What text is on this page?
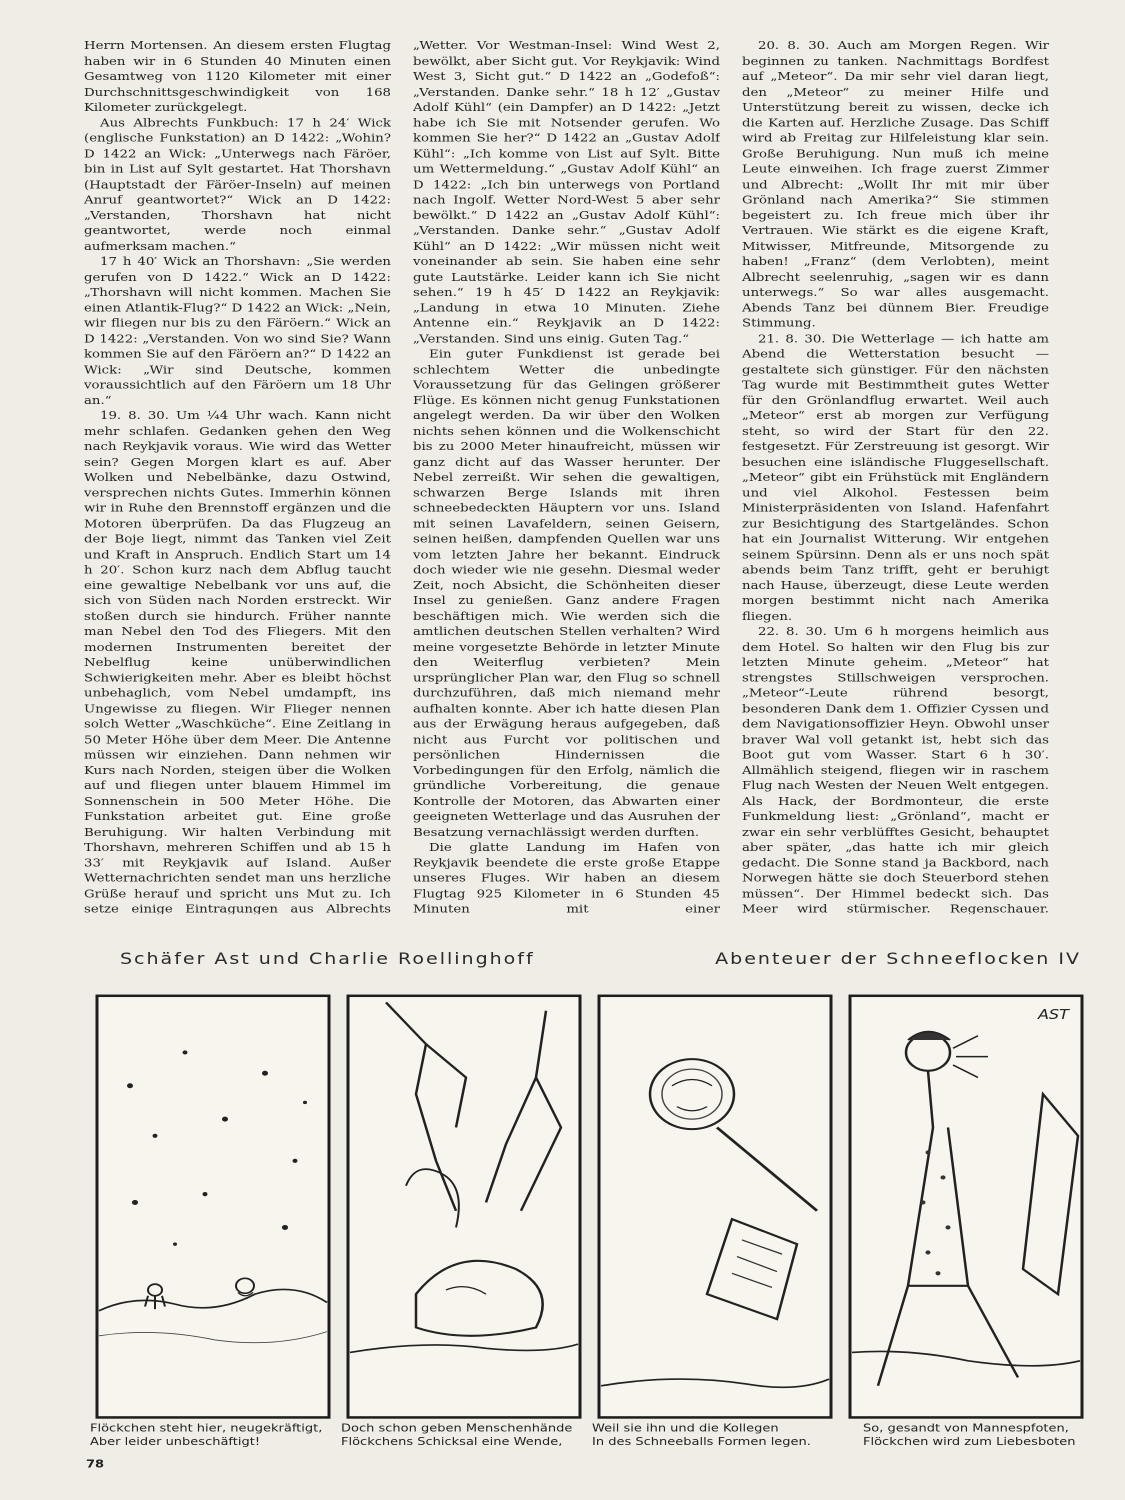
Herrn Mortensen. An diesem ersten Flugtag haben wir in 6 Stunden 40 Minuten einen Gesamtweg von 1120 Kilometer mit einer Durchschnittsgeschwindigkeit von 168 Kilometer zurückgelegt.

Aus Albrechts Funkbuch: 17 h 24′ Wick (englische Funkstation) an D 1422: „Wohin? D 1422 an Wick: „Unterwegs nach Färöer, bin in List auf Sylt gestartet. Hat Thorshavn (Hauptstadt der Färöer-Inseln) auf meinen Anruf geantwortet?“ Wick an D 1422: „Verstanden, Thorshavn hat nicht geantwortet, werde noch einmal aufmerksam machen.“

17 h 40′ Wick an Thorshavn: „Sie werden gerufen von D 1422.“ Wick an D 1422: „Thorshavn will nicht kommen. Machen Sie einen Atlantik-Flug?“ D 1422 an Wick: „Nein, wir fliegen nur bis zu den Färöern.“ Wick an D 1422: „Verstanden. Von wo sind Sie? Wann kommen Sie auf den Färöern an?“ D 1422 an Wick: „Wir sind Deutsche, kommen voraussichtlich auf den Färöern um 18 Uhr an.“

19. 8. 30. Um ¼4 Uhr wach. Kann nicht mehr schlafen. Gedanken gehen den Weg nach Reykjavik voraus. Wie wird das Wetter sein? Gegen Morgen klart es auf. Aber Wolken und Nebelbänke, dazu Ostwind, versprechen nichts Gutes. Immerhin können wir in Ruhe den Brennstoff ergänzen und die Motoren überprüfen. Da das Flugzeug an der Boje liegt, nimmt das Tanken viel Zeit und Kraft in Anspruch. Endlich Start um 14 h 20′. Schon kurz nach dem Abflug taucht eine gewaltige Nebelbank vor uns auf, die sich von Süden nach Norden erstreckt. Wir stoßen durch sie hindurch. Früher nannte man Nebel den Tod des Fliegers. Mit den modernen Instrumenten bereitet der Nebelflug keine unüberwindlichen Schwierigkeiten mehr. Aber es bleibt höchst unbehaglich, vom Nebel umdampft, ins Ungewisse zu fliegen. Wir Flieger nennen solch Wetter „Waschküche“. Eine Zeitlang in 50 Meter Höhe über dem Meer. Die Antenne müssen wir einziehen. Dann nehmen wir Kurs nach Norden, steigen über die Wolken auf und fliegen unter blauem Himmel im Sonnenschein in 500 Meter Höhe. Die Funkstation arbeitet gut. Eine große Beruhigung. Wir halten Verbindung mit Thorshavn, mehreren Schiffen und ab 15 h 33′ mit Reykjavik auf Island. Außer Wetternachrichten sendet man uns herzliche Grüße herauf und spricht uns Mut zu. Ich setze einige Eintragungen aus Albrechts

„Wetter. Vor Westman-Insel: Wind West 2, bewölkt, aber Sicht gut. Vor Reykjavik: Wind West 3, Sicht gut.“ D 1422 an „Godefoß“: „Verstanden. Danke sehr.“ 18 h 12′ „Gustav Adolf Kühl“ (ein Dampfer) an D 1422: „Jetzt habe ich Sie mit Notsender gerufen. Wo kommen Sie her?“ D 1422 an „Gustav Adolf Kühl“: „Ich komme von List auf Sylt. Bitte um Wettermeldung.“ „Gustav Adolf Kühl“ an D 1422: „Ich bin unterwegs von Portland nach Ingolf. Wetter Nord-West 5 aber sehr bewölkt.“ D 1422 an „Gustav Adolf Kühl“: „Verstanden. Danke sehr.“ „Gustav Adolf Kühl“ an D 1422: „Wir müssen nicht weit voneinander ab sein. Sie haben eine sehr gute Lautstärke. Leider kann ich Sie nicht sehen.“ 19 h 45′ D 1422 an Reykjavik: „Landung in etwa 10 Minuten. Ziehe Antenne ein.“ Reykjavik an D 1422: „Verstanden. Sind uns einig. Guten Tag.“

Ein guter Funkdienst ist gerade bei schlechtem Wetter die unbedingte Voraussetzung für das Gelingen größerer Flüge. Es können nicht genug Funkstationen angelegt werden. Da wir über den Wolken nichts sehen können und die Wolkenschicht bis zu 2000 Meter hinaufreicht, müssen wir ganz dicht auf das Wasser herunter. Der Nebel zerreißt. Wir sehen die gewaltigen, schwarzen Berge Islands mit ihren schneebedeckten Häuptern vor uns. Island mit seinen Lavafeldern, seinen Geisern, seinen heißen, dampfenden Quellen war uns vom letzten Jahre her bekannt. Eindruck doch wieder wie nie gesehn. Diesmal weder Zeit, noch Absicht, die Schönheiten dieser Insel zu genießen. Ganz andere Fragen beschäftigen mich. Wie werden sich die amtlichen deutschen Stellen verhalten? Wird meine vorgesetzte Behörde in letzter Minute den Weiterflug verbieten? Mein ursprünglicher Plan war, den Flug so schnell durchzuführen, daß mich niemand mehr aufhalten konnte. Aber ich hatte diesen Plan aus der Erwägung heraus aufgegeben, daß nicht aus Furcht vor politischen und persönlichen Hindernissen die Vorbedingungen für den Erfolg, nämlich die gründliche Vorbereitung, die genaue Kontrolle der Motoren, das Abwarten einer geeigneten Wetterlage und das Ausruhen der Besatzung vernachlässigt werden durften.

Die glatte Landung im Hafen von Reykjavik beendete die erste große Etappe unseres Fluges. Wir haben an diesem Flugtag 925 Kilometer in 6 Stunden 45 Minuten mit einer

20. 8. 30. Auch am Morgen Regen. Wir beginnen zu tanken. Nachmittags Bordfest auf „Meteor“. Da mir sehr viel daran liegt, den „Meteor“ zu meiner Hilfe und Unterstützung bereit zu wissen, decke ich die Karten auf. Herzliche Zusage. Das Schiff wird ab Freitag zur Hilfeleistung klar sein. Große Beruhigung. Nun muß ich meine Leute einweihen. Ich frage zuerst Zimmer und Albrecht: „Wollt Ihr mit mir über Grönland nach Amerika?“ Sie stimmen begeistert zu. Ich freue mich über ihr Vertrauen. Wie stärkt es die eigene Kraft, Mitwisser, Mitfreunde, Mitsorgende zu haben! „Franz“ (dem Verlobten), meint Albrecht seelenruhig, „sagen wir es dann unterwegs.“ So war alles ausgemacht. Abends Tanz bei dünnem Bier. Freudige Stimmung.

21. 8. 30. Die Wetterlage — ich hatte am Abend die Wetterstation besucht — gestaltete sich günstiger. Für den nächsten Tag wurde mit Bestimmtheit gutes Wetter für den Grönlandflug erwartet. Weil auch „Meteor“ erst ab morgen zur Verfügung steht, so wird der Start für den 22. festgesetzt. Für Zerstreuung ist gesorgt. Wir besuchen eine isländische Fluggesellschaft. „Meteor“ gibt ein Frühstück mit Engländern und viel Alkohol. Festessen beim Ministerpräsidenten von Island. Hafenfahrt zur Besichtigung des Startgeländes. Schon hat ein Journalist Witterung. Wir entgehen seinem Spürsinn. Denn als er uns noch spät abends beim Tanz trifft, geht er beruhigt nach Hause, überzeugt, diese Leute werden morgen bestimmt nicht nach Amerika fliegen.

22. 8. 30. Um 6 h morgens heimlich aus dem Hotel. So halten wir den Flug bis zur letzten Minute geheim. „Meteor“ hat strengstes Stillschweigen versprochen. „Meteor“-Leute rührend besorgt, besonderen Dank dem 1. Offizier Cyssen und dem Navigationsoffizier Heyn. Obwohl unser braver Wal voll getankt ist, hebt sich das Boot gut vom Wasser. Start 6 h 30′. Allmählich steigend, fliegen wir in raschem Flug nach Westen der Neuen Welt entgegen. Als Hack, der Bordmonteur, die erste Funkmeldung liest: „Grönland“, macht er zwar ein sehr verblüfftes Gesicht, behauptet aber später, „das hatte ich mir gleich gedacht. Die Sonne stand ja Backbord, nach Norwegen hätte sie doch Steuerbord stehen müssen“. Der Himmel bedeckt sich. Das Meer wird stürmischer. Regenschauer.

Schäfer Ast und Charlie Roellinghoff	Abenteuer der Schneeflocken IV
AST
Flöckchen steht hier, neugekräftigt,
Aber leider unbeschäftigt!
Doch schon geben Menschenhände
Flöckchens Schicksal eine Wende,
Weil sie ihn und die Kollegen
In des Schneeballs Formen legen.
So, gesandt von Mannespfoten,
Flöckchen wird zum Liebesboten
78
